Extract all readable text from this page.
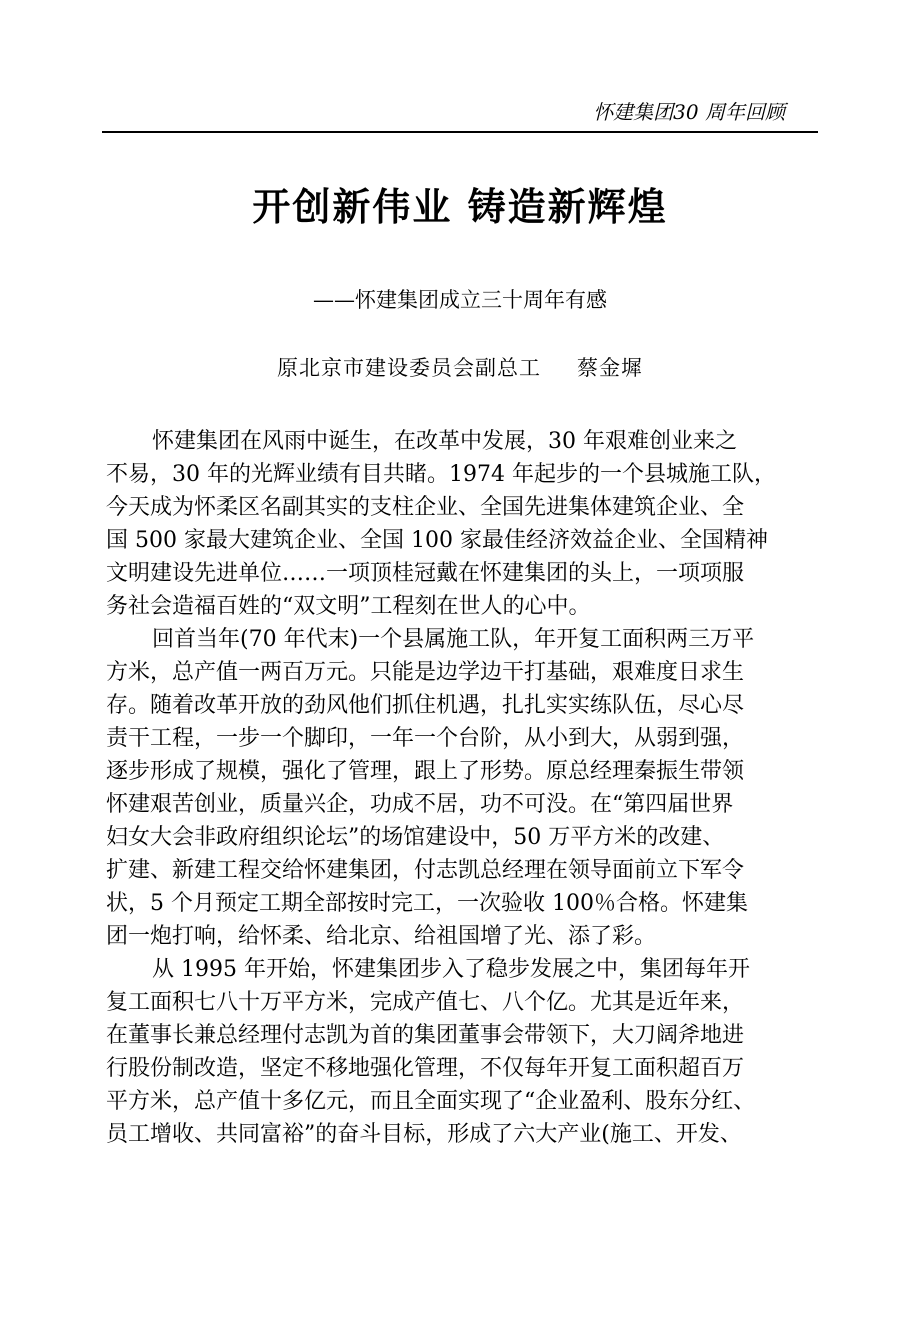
怀建集团30 周年回顾
开创新伟业 铸造新辉煌
——怀建集团成立三十周年有感
原北京市建设委员会副总工 蔡金墀
怀建集团在风雨中诞生，在改革中发展，30 年艰难创业来之
不易，30 年的光辉业绩有目共睹。1974 年起步的一个县城施工队，
今天成为怀柔区名副其实的支柱企业、全国先进集体建筑企业、全
国 500 家最大建筑企业、全国 100 家最佳经济效益企业、全国精神
文明建设先进单位……一项顶桂冠戴在怀建集团的头上，一项项服
务社会造福百姓的“双文明”工程刻在世人的心中。
回首当年(70 年代末)一个县属施工队，年开复工面积两三万平
方米，总产值一两百万元。只能是边学边干打基础，艰难度日求生
存。随着改革开放的劲风他们抓住机遇，扎扎实实练队伍，尽心尽
责干工程，一步一个脚印，一年一个台阶，从小到大，从弱到强，
逐步形成了规模，强化了管理，跟上了形势。原总经理秦振生带领
怀建艰苦创业，质量兴企，功成不居，功不可没。在“第四届世界
妇女大会非政府组织论坛”的场馆建设中，50 万平方米的改建、
扩建、新建工程交给怀建集团，付志凯总经理在领导面前立下军令
状，5 个月预定工期全部按时完工，一次验收 100％合格。怀建集
团一炮打响，给怀柔、给北京、给祖国增了光、添了彩。
从 1995 年开始，怀建集团步入了稳步发展之中，集团每年开
复工面积七八十万平方米，完成产值七、八个亿。尤其是近年来，
在董事长兼总经理付志凯为首的集团董事会带领下，大刀阔斧地进
行股份制改造，坚定不移地强化管理，不仅每年开复工面积超百万
平方米，总产值十多亿元，而且全面实现了“企业盈利、股东分红、
员工增收、共同富裕”的奋斗目标，形成了六大产业(施工、开发、
